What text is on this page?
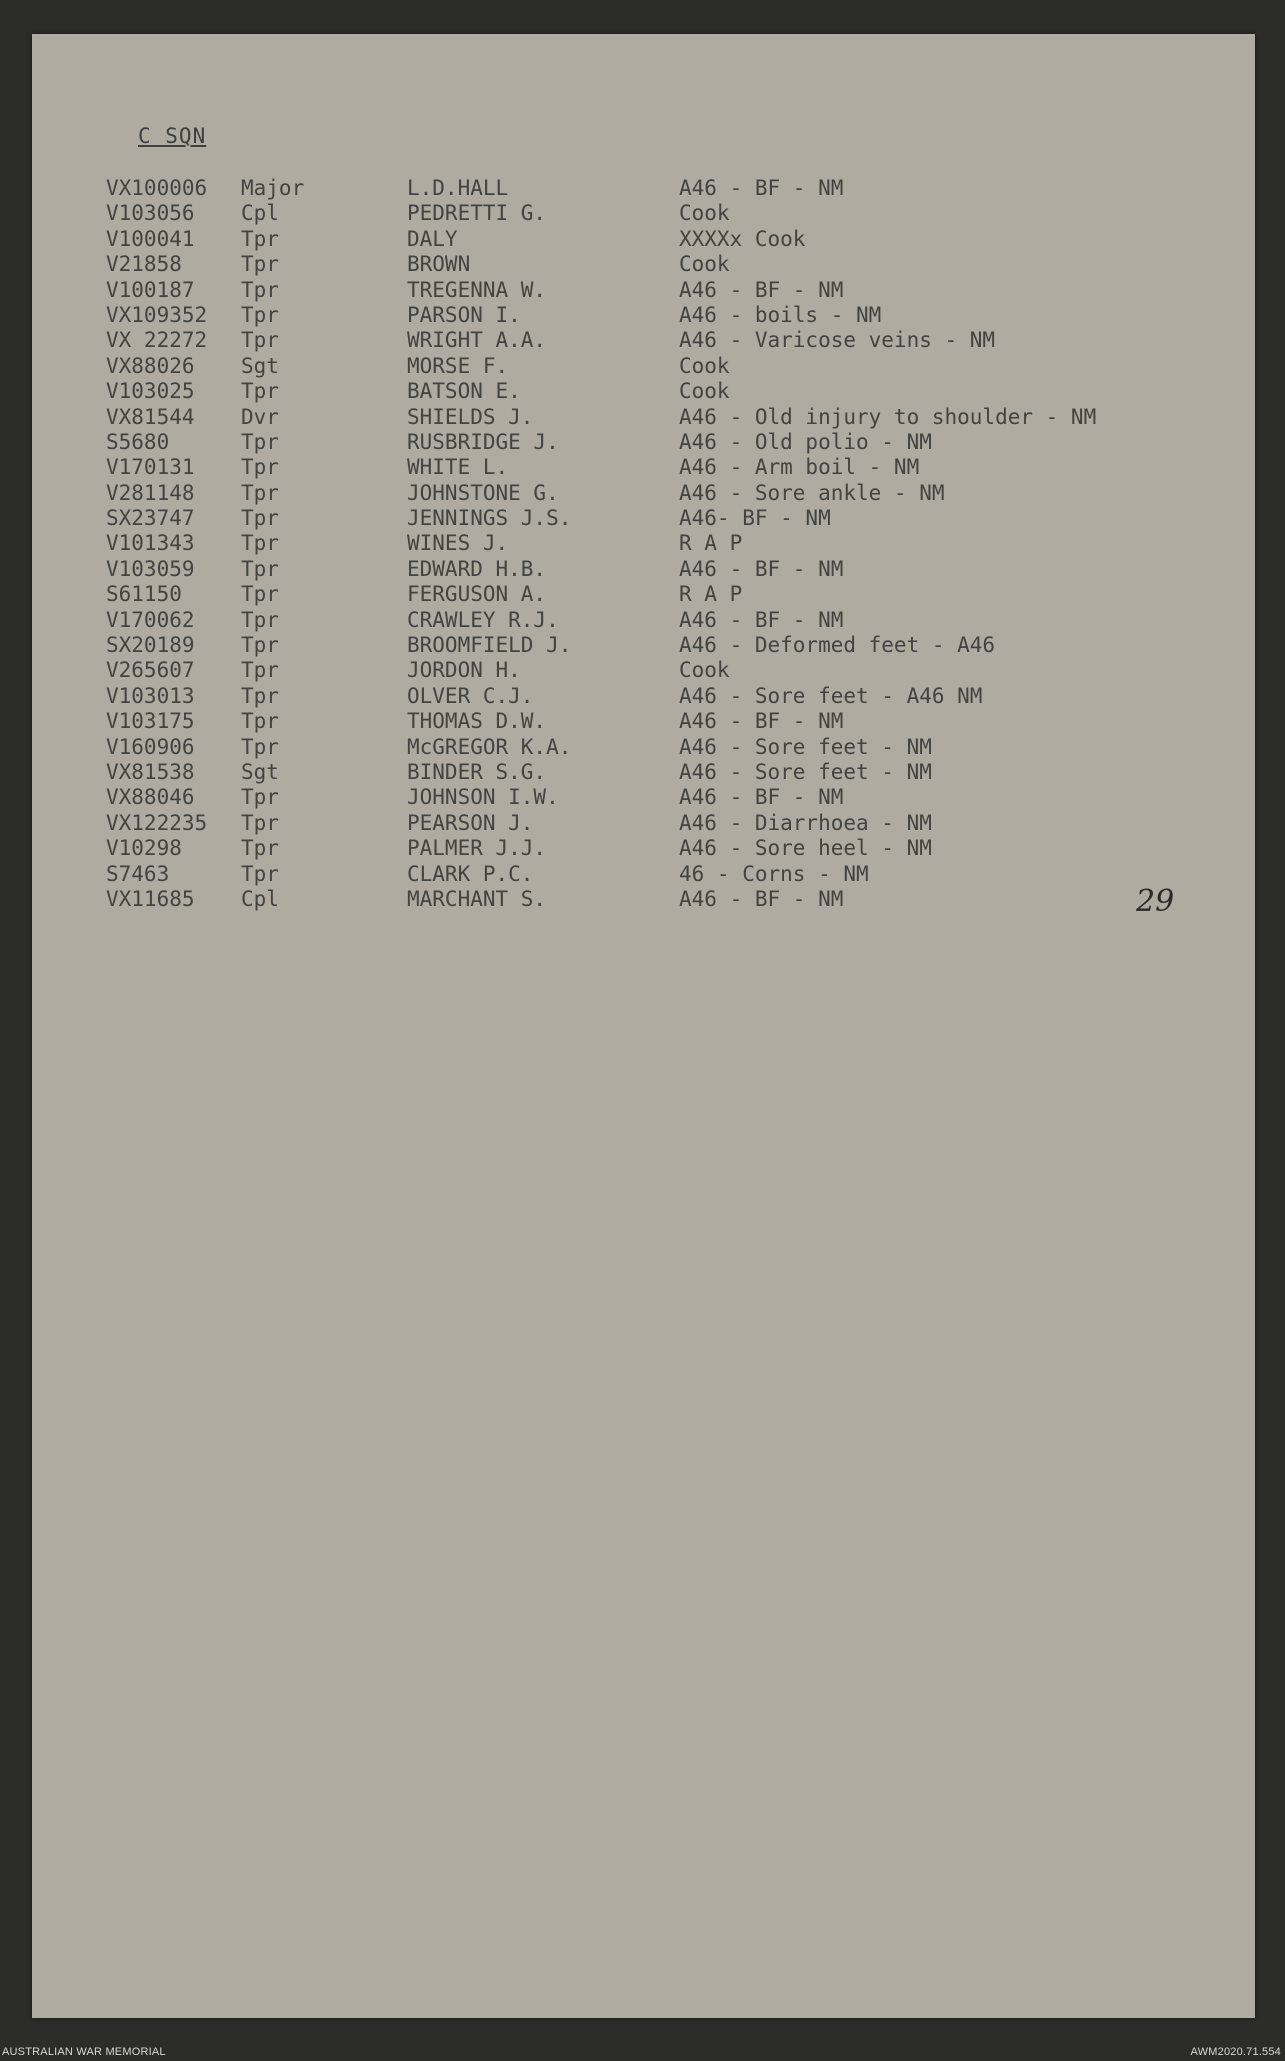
C SQN
VX100006 Major	L.D.HALL	A46 - BF - NM
V103056 Cpl	PEDRETTI G.	Cook
V100041 Tpr	DALY	XXXXx Cook
V21858	Tpr	BROWN	Cook
V100187 Tpr	TREGENNA W.	A46 - BF - NM
VX109352 Tpr	PARSON I.	A46 - boils - NM
VX 22272 Tpr	WRIGHT A.A.	A46 - Varicose veins - NM
VX88026 Sgt	MORSE F.	Cook
V103025 Tpr	BATSON E.	Cook
VX81544 Dvr	SHIELDS J.	A46 - Old injury to shoulder - NM
S5680	Tpr	RUSBRIDGE J.	A46 - Old polio - NM
V170131 Tpr	WHITE L.	A46 - Arm boil - NM
V281148 Tpr	JOHNSTONE G.	A46 - Sore ankle - NM
SX23747 Tpr	JENNINGS J.S.	A46- BF - NM
V101343 Tpr	WINES J.	R A P
V103059 Tpr	EDWARD H.B.	A46 - BF - NM
S61150	Tpr	FERGUSON A.	R A P
V170062 Tpr	CRAWLEY R.J.	A46 - BF - NM
SX20189 Tpr	BROOMFIELD J.	A46 - Deformed feet - A46
V265607 Tpr	JORDON H.	Cook
V103013 Tpr	OLVER C.J.	A46 - Sore feet - A46 NM
V103175 Tpr	THOMAS D.W.	A46 - BF - NM
V160906 Tpr	McGREGOR K.A.	A46 - Sore feet - NM
VX81538 Sgt	BINDER S.G.	A46 - Sore feet - NM
VX88046 Tpr	JOHNSON I.W.	A46 - BF - NM
VX122235 Tpr	PEARSON J.	A46 - Diarrhoea - NM
V10298	Tpr	PALMER J.J.	A46 - Sore heel - NM
S7463	Tpr	CLARK P.C.	46 - Corns - NM
VX11685 Cpl	MARCHANT S.	A46 - BF - NM	29
AUSTRALIAN WAR MEMORIAL	AWM2020.71.554
